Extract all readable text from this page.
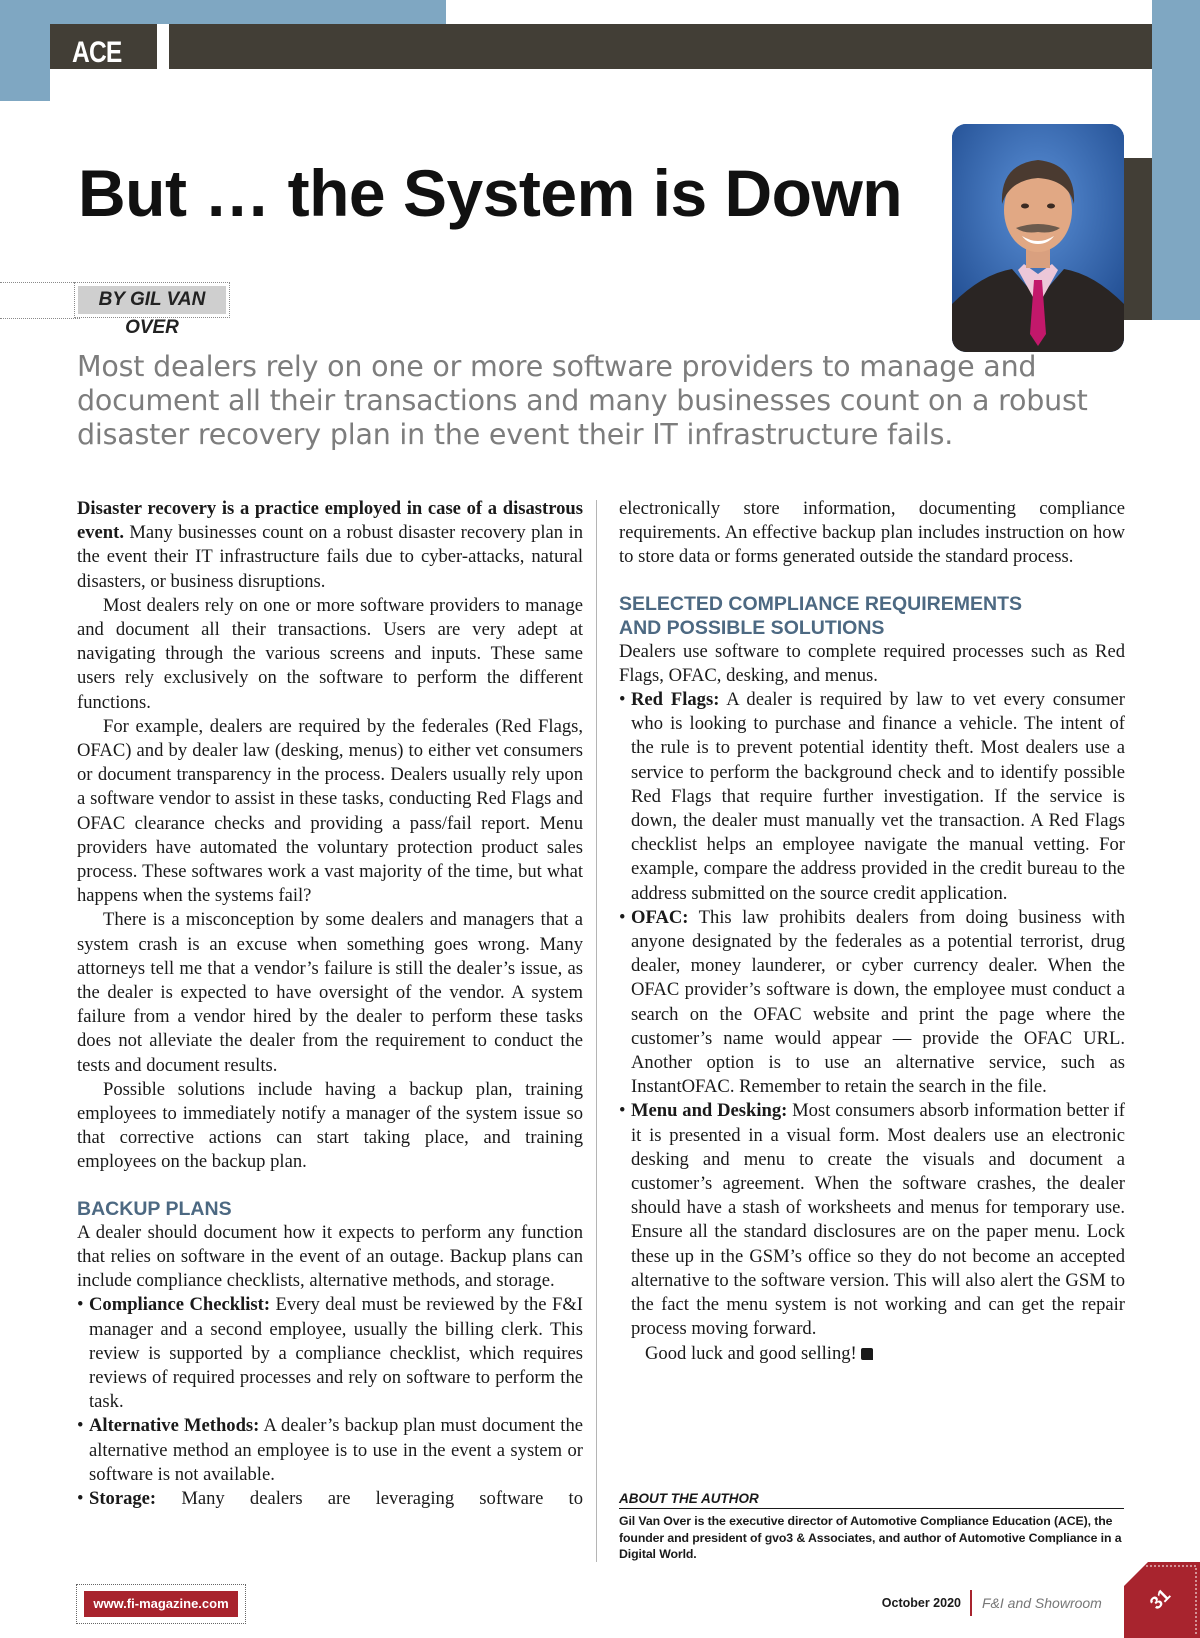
ACE
But … the System is Down
BY GIL VAN OVER

Most dealers rely on one or more software providers to manage and document all their transactions and many businesses count on a robust disaster recovery plan in the event their IT infrastructure fails.

Disaster recovery is a practice employed in case of a disastrous event. Many businesses count on a robust disaster recovery plan in the event their IT infrastructure fails due to cyber-attacks, natural disasters, or business disruptions.

Most dealers rely on one or more software providers to manage and document all their transactions. Users are very adept at navigating through the various screens and inputs. These same users rely exclusively on the software to perform the different functions.

For example, dealers are required by the federales (Red Flags, OFAC) and by dealer law (desking, menus) to either vet consumers or document transparency in the process. Dealers usually rely upon a software vendor to assist in these tasks, conducting Red Flags and OFAC clearance checks and providing a pass/fail report. Menu providers have automated the voluntary protection product sales process. These softwares work a vast majority of the time, but what happens when the systems fail?

There is a misconception by some dealers and managers that a system crash is an excuse when something goes wrong. Many attorneys tell me that a vendor’s failure is still the dealer’s issue, as the dealer is expected to have oversight of the vendor. A system failure from a vendor hired by the dealer to perform these tasks does not alleviate the dealer from the requirement to conduct the tests and document results.

Possible solutions include having a backup plan, training employees to immediately notify a manager of the system issue so that corrective actions can start taking place, and training employees on the backup plan.

BACKUP PLANS

A dealer should document how it expects to perform any function that relies on software in the event of an outage. Backup plans can include compliance checklists, alternative methods, and storage.

• Compliance Checklist: Every deal must be reviewed by the F&I manager and a second employee, usually the billing clerk. This review is supported by a compliance checklist, which requires reviews of required processes and rely on software to perform the task.
• Alternative Methods: A dealer’s backup plan must document the alternative method an employee is to use in the event a system or software is not available.
• Storage: Many dealers are leveraging software to

electronically store information, documenting compliance requirements. An effective backup plan includes instruction on how to store data or forms generated outside the standard process.

SELECTED COMPLIANCE REQUIREMENTS
AND POSSIBLE SOLUTIONS

Dealers use software to complete required processes such as Red Flags, OFAC, desking, and menus.

• Red Flags: A dealer is required by law to vet every consumer who is looking to purchase and finance a vehicle. The intent of the rule is to prevent potential identity theft. Most dealers use a service to perform the background check and to identify possible Red Flags that require further investigation. If the service is down, the dealer must manually vet the transaction. A Red Flags checklist helps an employee navigate the manual vetting. For example, compare the address provided in the credit bureau to the address submitted on the source credit application.
• OFAC: This law prohibits dealers from doing business with anyone designated by the federales as a potential terrorist, drug dealer, money launderer, or cyber currency dealer. When the OFAC provider’s software is down, the employee must conduct a search on the OFAC website and print the page where the customer’s name would appear — provide the OFAC URL. Another option is to use an alternative service, such as InstantOFAC. Remember to retain the search in the file.
• Menu and Desking: Most consumers absorb information better if it is presented in a visual form. Most dealers use an electronic desking and menu to create the visuals and document a customer’s agreement. When the software crashes, the dealer should have a stash of worksheets and menus for temporary use. Ensure all the standard disclosures are on the paper menu. Lock these up in the GSM’s office so they do not become an accepted alternative to the software version. This will also alert the GSM to the fact the menu system is not working and can get the repair process moving forward.

Good luck and good selling!

ABOUT THE AUTHOR

Gil Van Over is the executive director of Automotive Compliance Education (ACE), the founder and president of gvo3 & Associates, and author of Automotive Compliance in a Digital World.

www.fi-magazine.com	October 2020 F&I and Showroom 31
